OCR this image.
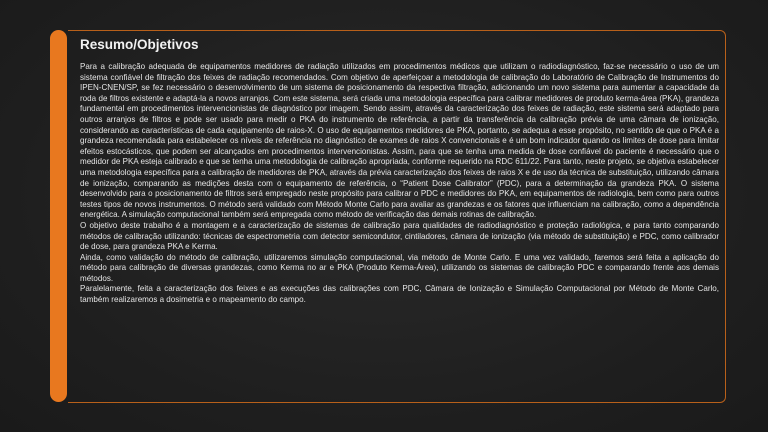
Resumo/Objetivos

Para a calibração adequada de equipamentos medidores de radiação utilizados em procedimentos médicos que utilizam o radiodiagnóstico, faz-se necessário o uso de um sistema confiável de filtração dos feixes de radiação recomendados. Com objetivo de aperfeiçoar a metodologia de calibração do Laboratório de Calibração de Instrumentos do IPEN-CNEN/SP, se fez necessário o desenvolvimento de um sistema de posicionamento da respectiva filtração, adicionando um novo sistema para aumentar a capacidade da roda de filtros existente e adaptá-la a novos arranjos. Com este sistema, será criada uma metodologia específica para calibrar medidores de produto kerma-área (PKA), grandeza fundamental em procedimentos intervencionistas de diagnóstico por imagem. Sendo assim, através da caracterização dos feixes de radiação, este sistema será adaptado para outros arranjos de filtros e pode ser usado para medir o PKA do instrumento de referência, a partir da transferência da calibração prévia de uma câmara de ionização, considerando as características de cada equipamento de raios-X. O uso de equipamentos medidores de PKA, portanto, se adequa a esse propósito, no sentido de que o PKA é a grandeza recomendada para estabelecer os níveis de referência no diagnóstico de exames de raios X convencionais e é um bom indicador quando os limites de dose para limitar efeitos estocásticos, que podem ser alcançados em procedimentos intervencionistas. Assim, para que se tenha uma medida de dose confiável do paciente é necessário que o medidor de PKA esteja calibrado e que se tenha uma metodologia de calibração apropriada, conforme requerido na RDC 611/22. Para tanto, neste projeto, se objetiva estabelecer uma metodologia específica para a calibração de medidores de PKA, através da prévia caracterização dos feixes de raios X e de uso da técnica de substituição, utilizando câmara de ionização, comparando as medições desta com o equipamento de referência, o “Patient Dose Calibrator” (PDC), para a determinação da grandeza PKA. O sistema desenvolvido para o posicionamento de filtros será empregado neste propósito para calibrar o PDC e medidores do PKA, em equipamentos de radiologia, bem como para outros testes tipos de novos instrumentos. O método será validado com Método Monte Carlo para avaliar as grandezas e os fatores que influenciam na calibração, como a dependência energética. A simulação computacional também será empregada como método de verificação das demais rotinas de calibração.

O objetivo deste trabalho é a montagem e a caracterização de sistemas de calibração para qualidades de radiodiagnóstico e proteção radiológica, e para tanto comparando métodos de calibração utilizando: técnicas de espectrometria com detector semicondutor, cintiladores, câmara de ionização (via método de substituição) e PDC, como calibrador de dose, para grandeza PKA e Kerma.

Ainda, como validação do método de calibração, utilizaremos simulação computacional, via método de Monte Carlo. E uma vez validado, faremos será feita a aplicação do método para calibração de diversas grandezas, como Kerma no ar e PKA (Produto Kerma-Área), utilizando os sistemas de calibração PDC e comparando frente aos demais métodos.

Paralelamente, feita a caracterização dos feixes e as execuções das calibrações com PDC, Câmara de Ionização e Simulação Computacional por Método de Monte Carlo, também realizaremos a dosimetria e o mapeamento do campo.
